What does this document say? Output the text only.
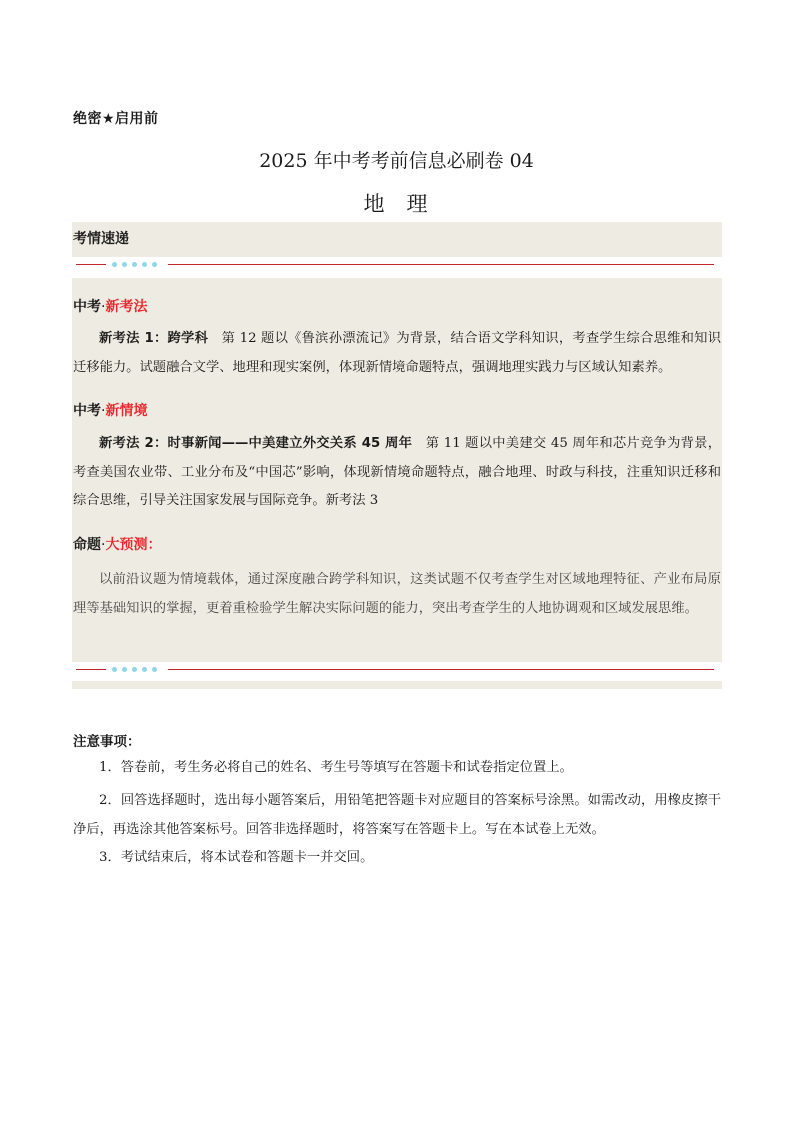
绝密★启用前
2025 年中考考前信息必刷卷 04
地 理
考情速递
中考·新考法
新考法 1：跨学科　 第 12 题以《鲁滨孙漂流记》为背景，结合语文学科知识，考查学生综合思维和知识迁移能力。试题融合文学、地理和现实案例，体现新情境命题特点，强调地理实践力与区域认知素养。
中考·新情境
新考法 2：时事新闻——中美建立外交关系 45 周年　 第 11 题以中美建交 45 周年和芯片竞争为背景，考查美国农业带、工业分布及“中国芯”影响，体现新情境命题特点，融合地理、时政与科技，注重知识迁移和综合思维，引导关注国家发展与国际竞争。新考法 3
命题·大预测：
以前沿议题为情境载体，通过深度融合跨学科知识，这类试题不仅考查学生对区域地理特征、产业布局原理等基础知识的掌握，更着重检验学生解决实际问题的能力，突出考查学生的人地协调观和区域发展思维。
注意事项：
1．答卷前，考生务必将自己的姓名、考生号等填写在答题卡和试卷指定位置上。
2．回答选择题时，选出每小题答案后，用铅笔把答题卡对应题目的答案标号涂黑。如需改动，用橡皮擦干净后，再选涂其他答案标号。回答非选择题时，将答案写在答题卡上。写在本试卷上无效。
3．考试结束后，将本试卷和答题卡一并交回。
